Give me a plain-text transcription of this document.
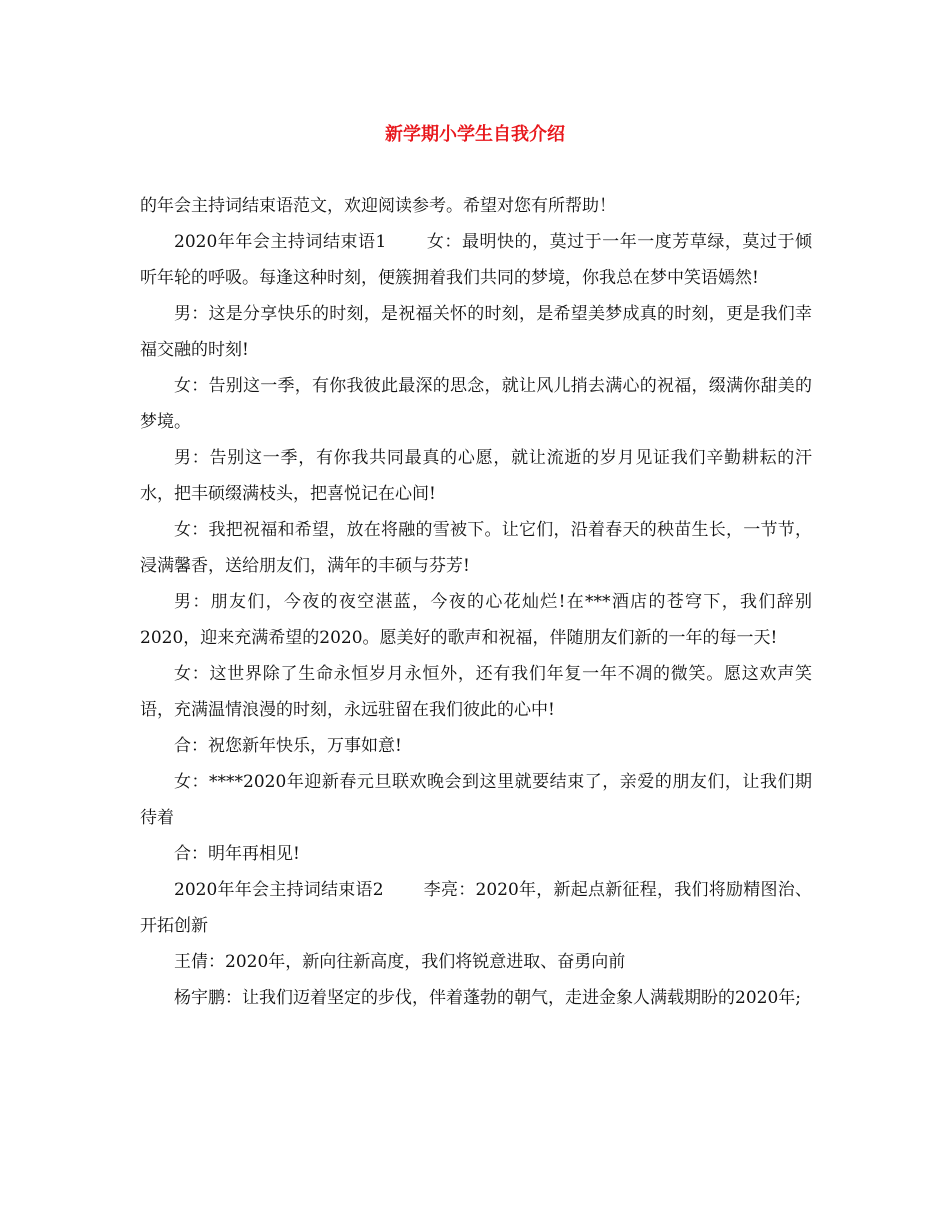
新学期小学生自我介绍

的年会主持词结束语范文，欢迎阅读参考。希望对您有所帮助！

2020年年会主持词结束语1 女：最明快的，莫过于一年一度芳草绿，莫过于倾听年轮的呼吸。每逢这种时刻，便簇拥着我们共同的梦境，你我总在梦中笑语嫣然!

男：这是分享快乐的时刻，是祝福关怀的时刻，是希望美梦成真的时刻，更是我们幸福交融的时刻!

女：告别这一季，有你我彼此最深的思念，就让风儿捎去满心的祝福，缀满你甜美的梦境。

男：告别这一季，有你我共同最真的心愿，就让流逝的岁月见证我们辛勤耕耘的汗水，把丰硕缀满枝头，把喜悦记在心间!

女：我把祝福和希望，放在将融的雪被下。让它们，沿着春天的秧苗生长，一节节，浸满馨香，送给朋友们，满年的丰硕与芬芳!

男：朋友们，今夜的夜空湛蓝，今夜的心花灿烂!在***酒店的苍穹下，我们辞别2020，迎来充满希望的2020。愿美好的歌声和祝福，伴随朋友们新的一年的每一天!

女：这世界除了生命永恒岁月永恒外，还有我们年复一年不凋的微笑。愿这欢声笑语，充满温情浪漫的时刻，永远驻留在我们彼此的心中!

合：祝您新年快乐，万事如意!

女：****2020年迎新春元旦联欢晚会到这里就要结束了，亲爱的朋友们，让我们期待着

合：明年再相见!

2020年年会主持词结束语2 李亮：2020年，新起点新征程，我们将励精图治、开拓创新

王倩：2020年，新向往新高度，我们将锐意进取、奋勇向前

杨宇鹏：让我们迈着坚定的步伐，伴着蓬勃的朝气，走进金象人满载期盼的2020年;
